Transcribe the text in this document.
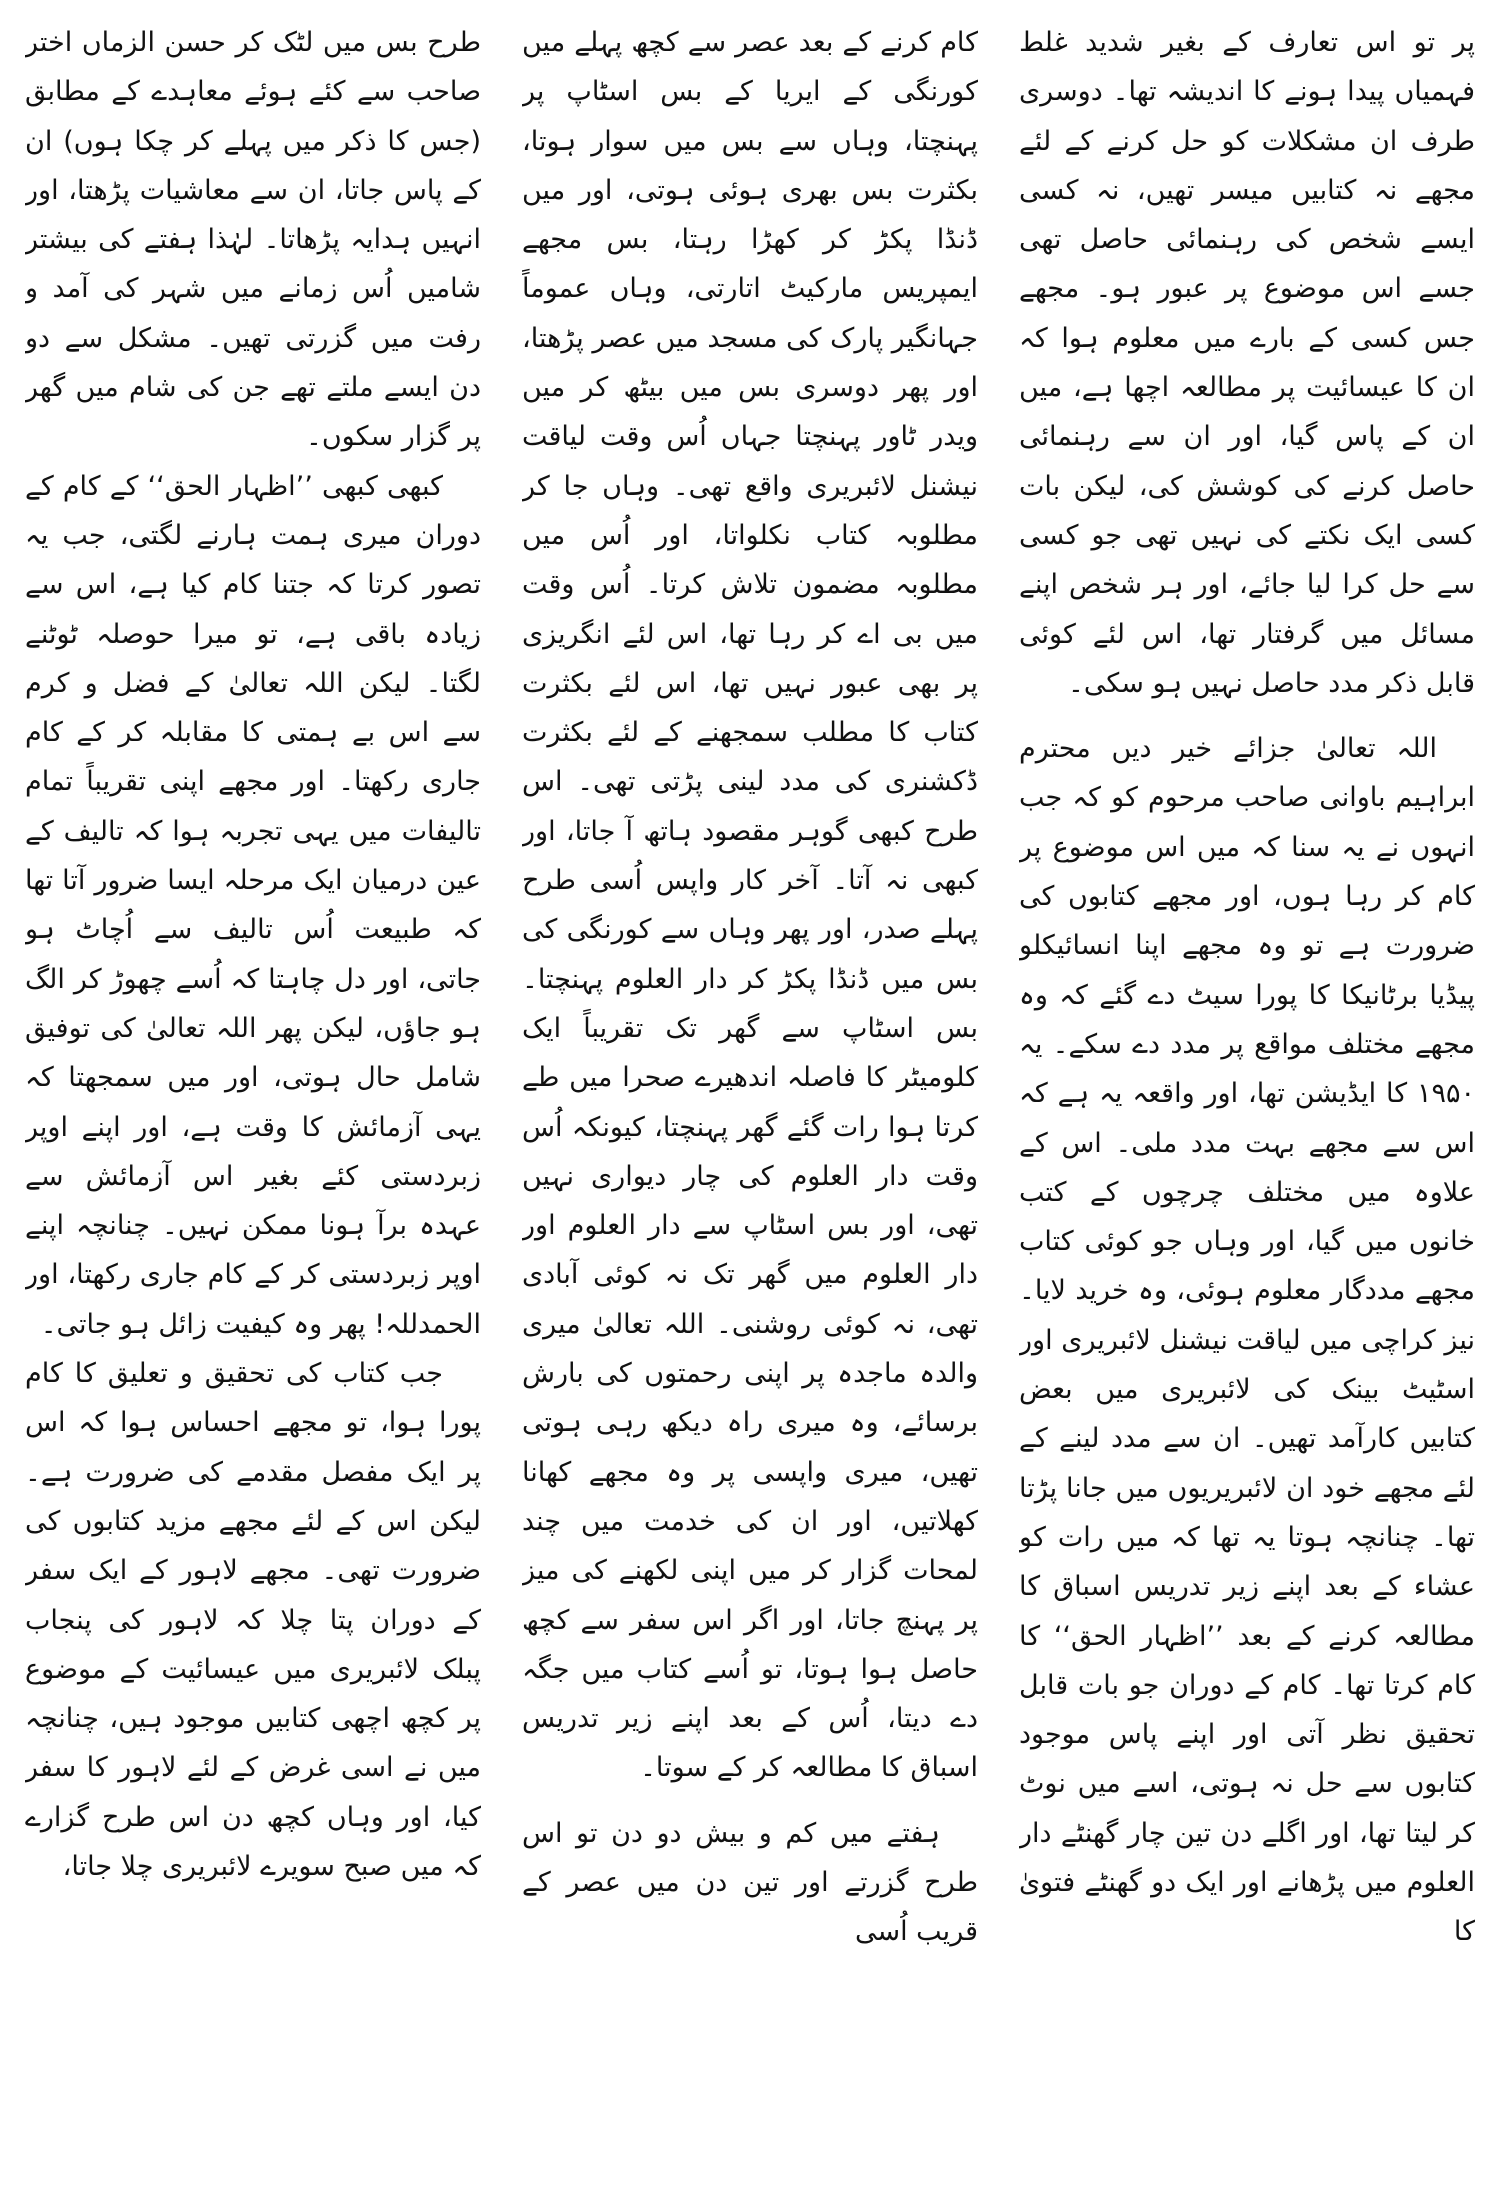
پر تو اس تعارف کے بغیر شدید غلط فہمیاں پیدا ہونے کا اندیشہ تھا۔ دوسری طرف ان مشکلات کو حل کرنے کے لئے مجھے نہ کتابیں میسر تھیں، نہ کسی ایسے شخص کی رہنمائی حاصل تھی جسے اس موضوع پر عبور ہو۔ مجھے جس کسی کے بارے میں معلوم ہوا کہ ان کا عیسائیت پر مطالعہ اچھا ہے، میں ان کے پاس گیا، اور ان سے رہنمائی حاصل کرنے کی کوشش کی، لیکن بات کسی ایک نکتے کی نہیں تھی جو کسی سے حل کرا لیا جائے، اور ہر شخص اپنے مسائل میں گرفتار تھا، اس لئے کوئی قابل ذکر مدد حاصل نہیں ہو سکی۔

اللہ تعالیٰ جزائے خیر دیں محترم ابراہیم باوانی صاحب مرحوم کو کہ جب انہوں نے یہ سنا کہ میں اس موضوع پر کام کر رہا ہوں، اور مجھے کتابوں کی ضرورت ہے تو وہ مجھے اپنا انسائیکلو پیڈیا برٹانیکا کا پورا سیٹ دے گئے کہ وہ مجھے مختلف مواقع پر مدد دے سکے۔ یہ ۱۹۵۰ کا ایڈیشن تھا، اور واقعہ یہ ہے کہ اس سے مجھے بہت مدد ملی۔ اس کے علاوہ میں مختلف چرچوں کے کتب خانوں میں گیا، اور وہاں جو کوئی کتاب مجھے مددگار معلوم ہوئی، وہ خرید لایا۔ نیز کراچی میں لیاقت نیشنل لائبریری اور اسٹیٹ بینک کی لائبریری میں بعض کتابیں کارآمد تھیں۔ ان سے مدد لینے کے لئے مجھے خود ان لائبریریوں میں جانا پڑتا تھا۔ چنانچہ ہوتا یہ تھا کہ میں رات کو عشاء کے بعد اپنے زیر تدریس اسباق کا مطالعہ کرنے کے بعد ’’اظہار الحق‘‘ کا کام کرتا تھا۔ کام کے دوران جو بات قابل تحقیق نظر آتی اور اپنے پاس موجود کتابوں سے حل نہ ہوتی، اسے میں نوٹ کر لیتا تھا، اور اگلے دن تین چار گھنٹے دار العلوم میں پڑھانے اور ایک دو گھنٹے فتویٰ کا

کام کرنے کے بعد عصر سے کچھ پہلے میں کورنگی کے ایریا کے بس اسٹاپ پر پہنچتا، وہاں سے بس میں سوار ہوتا، بکثرت بس بھری ہوئی ہوتی، اور میں ڈنڈا پکڑ کر کھڑا رہتا، بس مجھے ایمپریس مارکیٹ اتارتی، وہاں عموماً جہانگیر پارک کی مسجد میں عصر پڑھتا، اور پھر دوسری بس میں بیٹھ کر میں ویدر ٹاور پہنچتا جہاں اُس وقت لیاقت نیشنل لائبریری واقع تھی۔ وہاں جا کر مطلوبہ کتاب نکلواتا، اور اُس میں مطلوبہ مضمون تلاش کرتا۔ اُس وقت میں بی اے کر رہا تھا، اس لئے انگریزی پر بھی عبور نہیں تھا، اس لئے بکثرت کتاب کا مطلب سمجھنے کے لئے بکثرت ڈکشنری کی مدد لینی پڑتی تھی۔ اس طرح کبھی گوہر مقصود ہاتھ آ جاتا، اور کبھی نہ آتا۔ آخر کار واپس اُسی طرح پہلے صدر، اور پھر وہاں سے کورنگی کی بس میں ڈنڈا پکڑ کر دار العلوم پہنچتا۔ بس اسٹاپ سے گھر تک تقریباً ایک کلومیٹر کا فاصلہ اندھیرے صحرا میں طے کرتا ہوا رات گئے گھر پہنچتا، کیونکہ اُس وقت دار العلوم کی چار دیواری نہیں تھی، اور بس اسٹاپ سے دار العلوم اور دار العلوم میں گھر تک نہ کوئی آبادی تھی، نہ کوئی روشنی۔ اللہ تعالیٰ میری والدہ ماجدہ پر اپنی رحمتوں کی بارش برسائے، وہ میری راہ دیکھ رہی ہوتی تھیں، میری واپسی پر وہ مجھے کھانا کھلاتیں، اور ان کی خدمت میں چند لمحات گزار کر میں اپنی لکھنے کی میز پر پہنچ جاتا، اور اگر اس سفر سے کچھ حاصل ہوا ہوتا، تو اُسے کتاب میں جگہ دے دیتا، اُس کے بعد اپنے زیر تدریس اسباق کا مطالعہ کر کے سوتا۔

ہفتے میں کم و بیش دو دن تو اس طرح گزرتے اور تین دن میں عصر کے قریب اُسی

طرح بس میں لٹک کر حسن الزماں اختر صاحب سے کئے ہوئے معاہدے کے مطابق (جس کا ذکر میں پہلے کر چکا ہوں) ان کے پاس جاتا، ان سے معاشیات پڑھتا، اور انہیں ہدایہ پڑھاتا۔ لہٰذا ہفتے کی بیشتر شامیں اُس زمانے میں شہر کی آمد و رفت میں گزرتی تھیں۔ مشکل سے دو دن ایسے ملتے تھے جن کی شام میں گھر پر گزار سکوں۔

کبھی کبھی ’’اظہار الحق‘‘ کے کام کے دوران میری ہمت ہارنے لگتی، جب یہ تصور کرتا کہ جتنا کام کیا ہے، اس سے زیادہ باقی ہے، تو میرا حوصلہ ٹوٹنے لگتا۔ لیکن اللہ تعالیٰ کے فضل و کرم سے اس بے ہمتی کا مقابلہ کر کے کام جاری رکھتا۔ اور مجھے اپنی تقریباً تمام تالیفات میں یہی تجربہ ہوا کہ تالیف کے عین درمیان ایک مرحلہ ایسا ضرور آتا تھا کہ طبیعت اُس تالیف سے اُچاٹ ہو جاتی، اور دل چاہتا کہ اُسے چھوڑ کر الگ ہو جاؤں، لیکن پھر اللہ تعالیٰ کی توفیق شامل حال ہوتی، اور میں سمجھتا کہ یہی آزمائش کا وقت ہے، اور اپنے اوپر زبردستی کئے بغیر اس آزمائش سے عہدہ برآ ہونا ممکن نہیں۔ چنانچہ اپنے اوپر زبردستی کر کے کام جاری رکھتا، اور الحمدللہ! پھر وہ کیفیت زائل ہو جاتی۔

جب کتاب کی تحقیق و تعلیق کا کام پورا ہوا، تو مجھے احساس ہوا کہ اس پر ایک مفصل مقدمے کی ضرورت ہے۔ لیکن اس کے لئے مجھے مزید کتابوں کی ضرورت تھی۔ مجھے لاہور کے ایک سفر کے دوران پتا چلا کہ لاہور کی پنجاب پبلک لائبریری میں عیسائیت کے موضوع پر کچھ اچھی کتابیں موجود ہیں، چنانچہ میں نے اسی غرض کے لئے لاہور کا سفر کیا، اور وہاں کچھ دن اس طرح گزارے کہ میں صبح سویرے لائبریری چلا جاتا،
